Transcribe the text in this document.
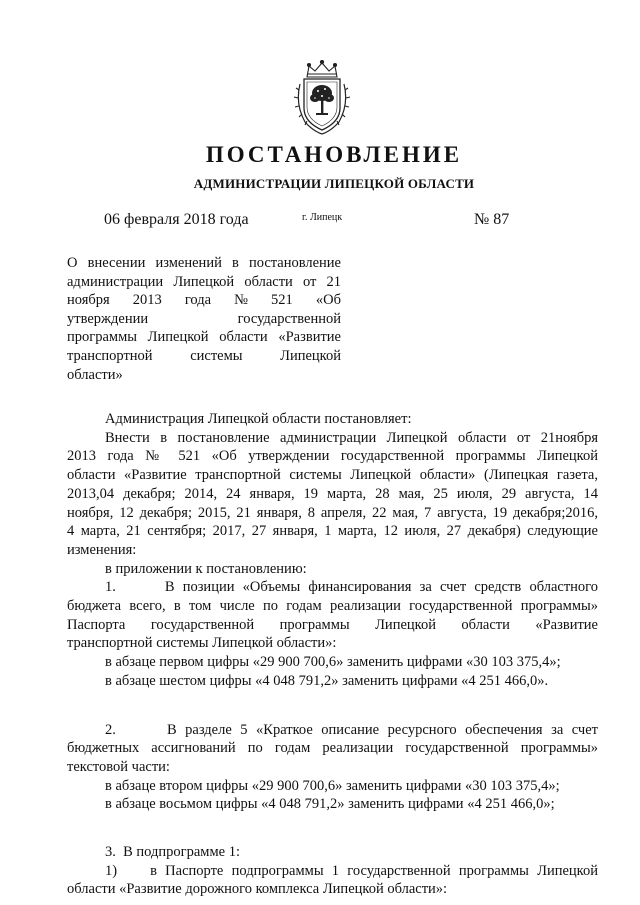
ПОСТАНОВЛЕНИЕ
АДМИНИСТРАЦИИ ЛИПЕЦКОЙ ОБЛАСТИ
06 февраля 2018 года	г. Липецк	№ 87
О внесении изменений в постановление
администрации Липецкой области от 21
ноября 2013 года № 521 «Об
утверждении	государственной
программы Липецкой области «Развитие
транспортной	системы	Липецкой
области»
Администрация Липецкой области постановляет:
Внести в постановление администрации Липецкой области от 21ноября
2013 года № 521 «Об утверждении государственной программы Липецкой
области «Развитие транспортной системы Липецкой области» (Липецкая газета,
2013,04 декабря; 2014, 24 января, 19 марта, 28 мая, 25 июля, 29 августа, 14
ноября, 12 декабря; 2015, 21 января, 8 апреля, 22 мая, 7 августа, 19 декабря;2016,
4 марта, 21 сентября; 2017, 27 января, 1 марта, 12 июля, 27 декабря) следующие
изменения:
в приложении к постановлению:
1.      В позиции «Объемы финансирования за счет средств областного
бюджета всего, в том числе по годам реализации государственной программы»
Паспорта государственной программы Липецкой области «Развитие
транспортной системы Липецкой области»:
в абзаце первом цифры «29 900 700,6» заменить цифрами «30 103 375,4»;
в абзаце шестом цифры «4 048 791,2» заменить цифрами «4 251 466,0».
2.      В разделе 5 «Краткое описание ресурсного обеспечения за счет
бюджетных ассигнований по годам реализации государственной программы»
текстовой части:
в абзаце втором цифры «29 900 700,6» заменить цифрами «30 103 375,4»;
в абзаце восьмом цифры «4 048 791,2» заменить цифрами «4 251 466,0»;
3.  В подпрограмме 1:
1)    в Паспорте подпрограммы 1 государственной программы Липецкой
области «Развитие дорожного комплекса Липецкой области»:
